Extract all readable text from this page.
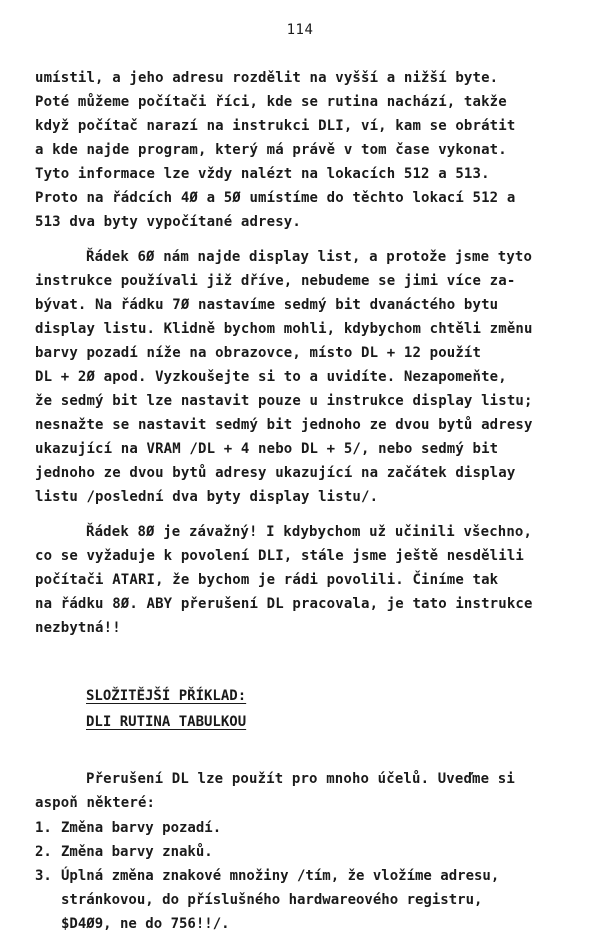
114
umístil, a jeho adresu rozdělit na vyšší a nižší byte.
Poté můžeme počítači říci, kde se rutina nachází, takže
když počítač narazí na instrukci DLI, ví, kam se obrátit
a kde najde program, který má právě v tom čase vykonat.
Tyto informace lze vždy nalézt na lokacích 512 a 513.
Proto na řádcích 4Ø a 5Ø umístíme do těchto lokací 512 a
513 dva byty vypočítané adresy.
Řádek 6Ø nám najde display list, a protože jsme tyto
instrukce používali již dříve, nebudeme se jimi více za-
bývat. Na řádku 7Ø nastavíme sedmý bit dvanáctého bytu
display listu. Klidně bychom mohli, kdybychom chtěli změnu
barvy pozadí níže na obrazovce, místo DL + 12 použít
DL + 2Ø apod. Vyzkoušejte si to a uvidíte. Nezapomeňte,
že sedmý bit lze nastavit pouze u instrukce display listu;
nesnažte se nastavit sedmý bit jednoho ze dvou bytů adresy
ukazující na VRAM /DL + 4 nebo DL + 5/, nebo sedmý bit
jednoho ze dvou bytů adresy ukazující na začátek display
listu /poslední dva byty display listu/.
Řádek 8Ø je závažný! I kdybychom už učinili všechno,
co se vyžaduje k povolení DLI, stále jsme ještě nesdělili
počítači ATARI, že bychom je rádi povolili. Činíme tak
na řádku 8Ø. ABY přerušení DL pracovala, je tato instrukce
nezbytná!!
SLOŽITĚJŠÍ PŘÍKLAD:
DLI RUTINA TABULKOU
Přerušení DL lze použít pro mnoho účelů. Uveďme si
aspoň některé:
1. Změna barvy pozadí.
2. Změna barvy znaků.
3. Úplná změna znakové množiny /tím, že vložíme adresu,
stránkovou, do příslušného hardwareového registru,
$D4Ø9, ne do 756!!/.
